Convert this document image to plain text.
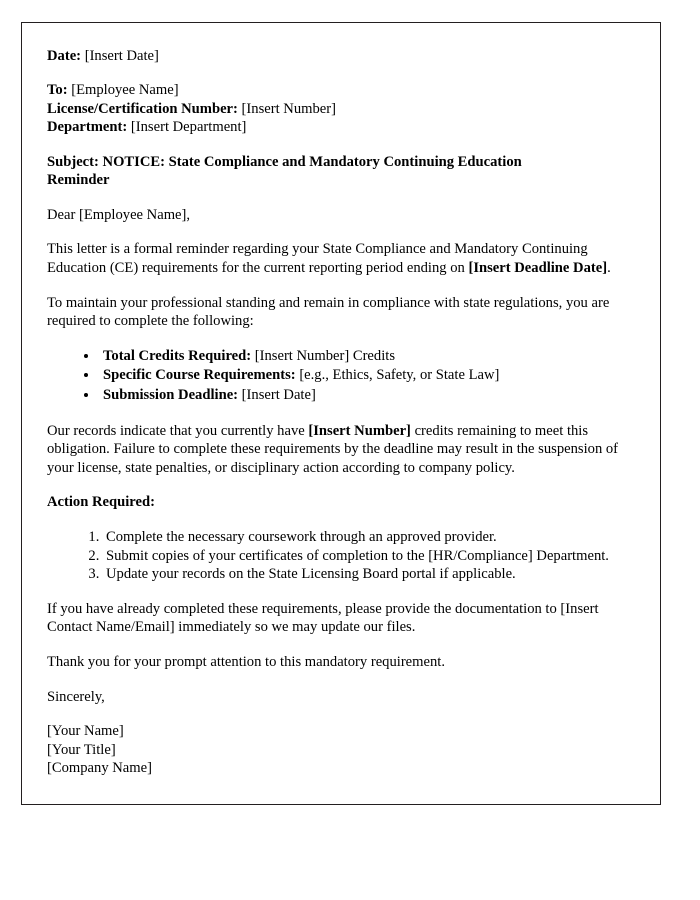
Date: [Insert Date]
To: [Employee Name]
License/Certification Number: [Insert Number]
Department: [Insert Department]

Subject: NOTICE: State Compliance and Mandatory Continuing Education Reminder

Dear [Employee Name],

This letter is a formal reminder regarding your State Compliance and Mandatory Continuing Education (CE) requirements for the current reporting period ending on [Insert Deadline Date].

To maintain your professional standing and remain in compliance with state regulations, you are required to complete the following:

• Total Credits Required: [Insert Number] Credits
• Specific Course Requirements: [e.g., Ethics, Safety, or State Law]
• Submission Deadline: [Insert Date]

Our records indicate that you currently have [Insert Number] credits remaining to meet this obligation. Failure to complete these requirements by the deadline may result in the suspension of your license, state penalties, or disciplinary action according to company policy.

Action Required:

1. Complete the necessary coursework through an approved provider.
2. Submit copies of your certificates of completion to the [HR/Compliance] Department.
3. Update your records on the State Licensing Board portal if applicable.

If you have already completed these requirements, please provide the documentation to [Insert Contact Name/Email] immediately so we may update our files.

Thank you for your prompt attention to this mandatory requirement.

Sincerely,

[Your Name]
[Your Title]
[Company Name]
